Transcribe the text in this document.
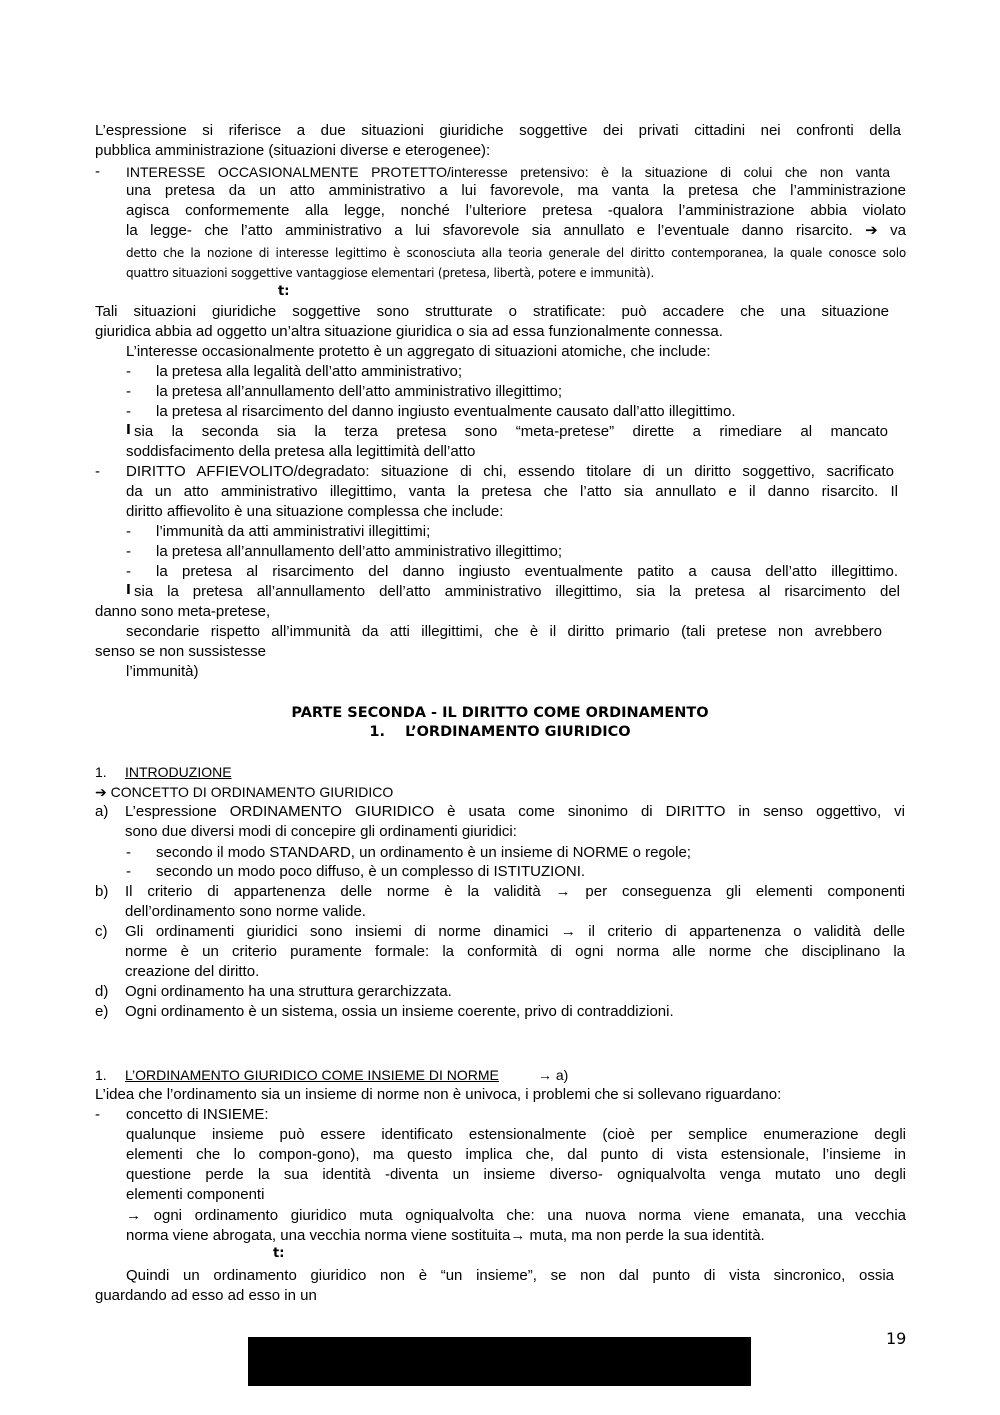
L’espressione si riferisce a due situazioni giuridiche soggettive dei privati cittadini nei confronti della
pubblica amministrazione (situazioni diverse e eterogenee):
- INTERESSE OCCASIONALMENTE PROTETTO/interesse pretensivo: è la situazione di colui che non vanta
una pretesa da un atto amministrativo a lui favorevole, ma vanta la pretesa che l’amministrazione
agisca conformemente alla legge, nonché l’ulteriore pretesa -qualora l’amministrazione abbia violato
la legge- che l’atto amministrativo a lui sfavorevole sia annullato e l’eventuale danno risarcito. ➔ va
detto che la nozione di interesse legittimo è sconosciuta alla teoria generale del diritto contemporanea, la quale conosce solo
quattro situazioni soggettive vantaggiose elementari (pretesa, libertà, potere e immunità).
t:
Tali situazioni giuridiche soggettive sono strutturate o stratificate: può accadere che una situazione
giuridica abbia ad oggetto un’altra situazione giuridica o sia ad essa funzionalmente connessa.
L’interesse occasionalmente protetto è un aggregato di situazioni atomiche, che include:
- la pretesa alla legalità dell’atto amministrativo;
- la pretesa all’annullamento dell’atto amministrativo illegittimo;
- la pretesa al risarcimento del danno ingiusto eventualmente causato dall’atto illegittimo.
I sia la seconda sia la terza pretesa sono “meta-pretese” dirette a rimediare al mancato
soddisfacimento della pretesa alla legittimità dell’atto
- DIRITTO AFFIEVOLITO/degradato: situazione di chi, essendo titolare di un diritto soggettivo, sacrificato
da un atto amministrativo illegittimo, vanta la pretesa che l’atto sia annullato e il danno risarcito. Il
diritto affievolito è una situazione complessa che include:
- l’immunità da atti amministrativi illegittimi;
- la pretesa all’annullamento dell’atto amministrativo illegittimo;
- la pretesa al risarcimento del danno ingiusto eventualmente patito a causa dell’atto illegittimo.
I sia la pretesa all’annullamento dell’atto amministrativo illegittimo, sia la pretesa al risarcimento del
danno sono meta-pretese,
secondarie rispetto all’immunità da atti illegittimi, che è il diritto primario (tali pretese non avrebbero
senso se non sussistesse
l’immunità)
PARTE SECONDA - IL DIRITTO COME ORDINAMENTO
1.    L’ORDINAMENTO GIURIDICO
1. INTRODUZIONE
➔ CONCETTO DI ORDINAMENTO GIURIDICO
a) L’espressione ORDINAMENTO GIURIDICO è usata come sinonimo di DIRITTO in senso oggettivo, vi
sono due diversi modi di concepire gli ordinamenti giuridici:
- secondo il modo STANDARD, un ordinamento è un insieme di NORME o regole;
- secondo un modo poco diffuso, è un complesso di ISTITUZIONI.
b) Il criterio di appartenenza delle norme è la validità → per conseguenza gli elementi componenti
dell’ordinamento sono norme valide.
c) Gli ordinamenti giuridici sono insiemi di norme dinamici → il criterio di appartenenza o validità delle
norme è un criterio puramente formale: la conformità di ogni norma alle norme che disciplinano la
creazione del diritto.
d) Ogni ordinamento ha una struttura gerarchizzata.
e) Ogni ordinamento è un sistema, ossia un insieme coerente, privo di contraddizioni.
1. L’ORDINAMENTO GIURIDICO COME INSIEME DI NORME	→ a)
L’idea che l’ordinamento sia un insieme di norme non è univoca, i problemi che si sollevano riguardano:
- concetto di INSIEME:
qualunque insieme può essere identificato estensionalmente (cioè per semplice enumerazione degli
elementi che lo compon-gono), ma questo implica che, dal punto di vista estensionale, l’insieme in
questione perde la sua identità -diventa un insieme diverso- ogniqualvolta venga mutato uno degli
elementi componenti
→ ogni ordinamento giuridico muta ogniqualvolta che: una nuova norma viene emanata, una vecchia
norma viene abrogata, una vecchia norma viene sostituita→ muta, ma non perde la sua identità.
t:
Quindi un ordinamento giuridico non è “un insieme”, se non dal punto di vista sincronico, ossia
guardando ad esso ad esso in un
19
